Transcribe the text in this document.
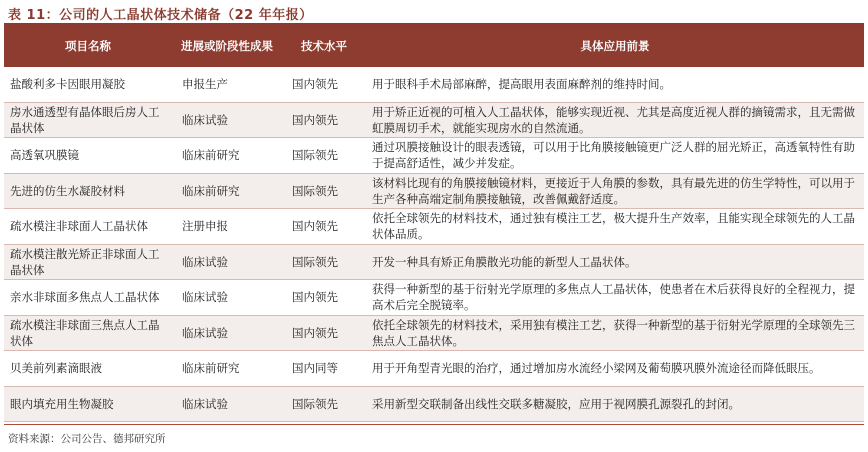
表 11：公司的人工晶状体技术储备（22 年年报）
项目名称	进展或阶段性成果	技术水平	具体应用前景
盐酸利多卡因眼用凝胶	申报生产	国内领先	用于眼科手术局部麻醉，提高眼用表面麻醉剂的维持时间。
房水通透型有晶体眼后房人工晶状体	临床试验	国内领先	用于矫正近视的可植入人工晶状体，能够实现近视、尤其是高度近视人群的摘镜需求，且无需做虹膜周切手术，就能实现房水的自然流通。
高透氧巩膜镜	临床前研究	国际领先	通过巩膜接触设计的眼表透镜，可以用于比角膜接触镜更广泛人群的屈光矫正，高透氧特性有助于提高舒适性，减少并发症。
先进的仿生水凝胶材料	临床前研究	国际领先	该材料比现有的角膜接触镜材料，更接近于人角膜的参数，具有最先进的仿生学特性，可以用于生产各种高端定制角膜接触镜，改善佩戴舒适度。
疏水模注非球面人工晶状体	注册申报	国内领先	依托全球领先的材料技术，通过独有模注工艺，极大提升生产效率，且能实现全球领先的人工晶状体品质。
疏水模注散光矫正非球面人工晶状体	临床试验	国际领先	开发一种具有矫正角膜散光功能的新型人工晶状体。
亲水非球面多焦点人工晶状体	临床试验	国内领先	获得一种新型的基于衍射光学原理的多焦点人工晶状体，使患者在术后获得良好的全程视力，提高术后完全脱镜率。
疏水模注非球面三焦点人工晶状体	临床试验	国内领先	依托全球领先的材料技术，采用独有模注工艺，获得一种新型的基于衍射光学原理的全球领先三焦点人工晶状体。
贝美前列素滴眼液	临床前研究	国内同等	用于开角型青光眼的治疗，通过增加房水流经小梁网及葡萄膜巩膜外流途径而降低眼压。
眼内填充用生物凝胶	临床试验	国际领先	采用新型交联制备出线性交联多糖凝胶，应用于视网膜孔源裂孔的封闭。
资料来源：公司公告、德邦研究所
